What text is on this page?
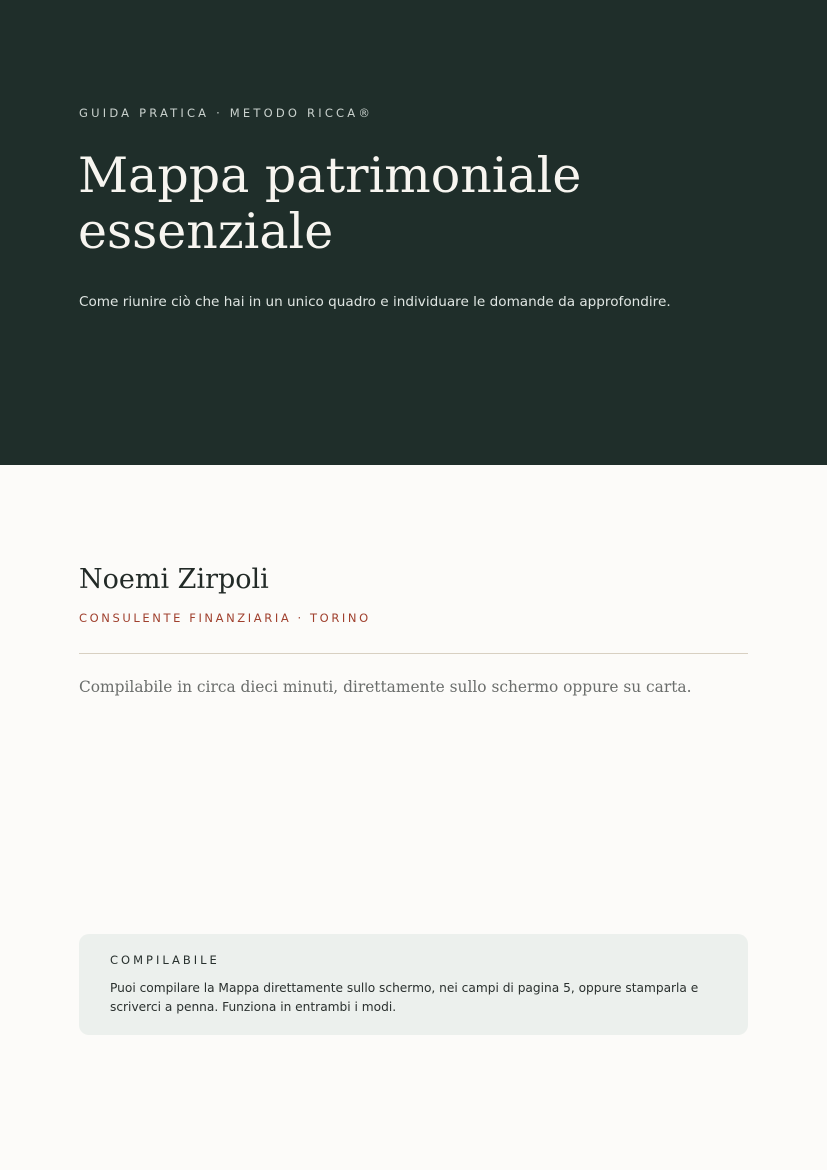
GUIDA PRATICA · METODO RICCA®
Mappa patrimoniale
essenziale

Come riunire ciò che hai in un unico quadro e individuare le domande da approfondire.

Noemi Zirpoli
CONSULENTE FINANZIARIA · TORINO

Compilabile in circa dieci minuti, direttamente sullo schermo oppure su carta.

COMPILABILE

Puoi compilare la Mappa direttamente sullo schermo, nei campi di pagina 5, oppure stamparla e scriverci a penna. Funziona in entrambi i modi.
